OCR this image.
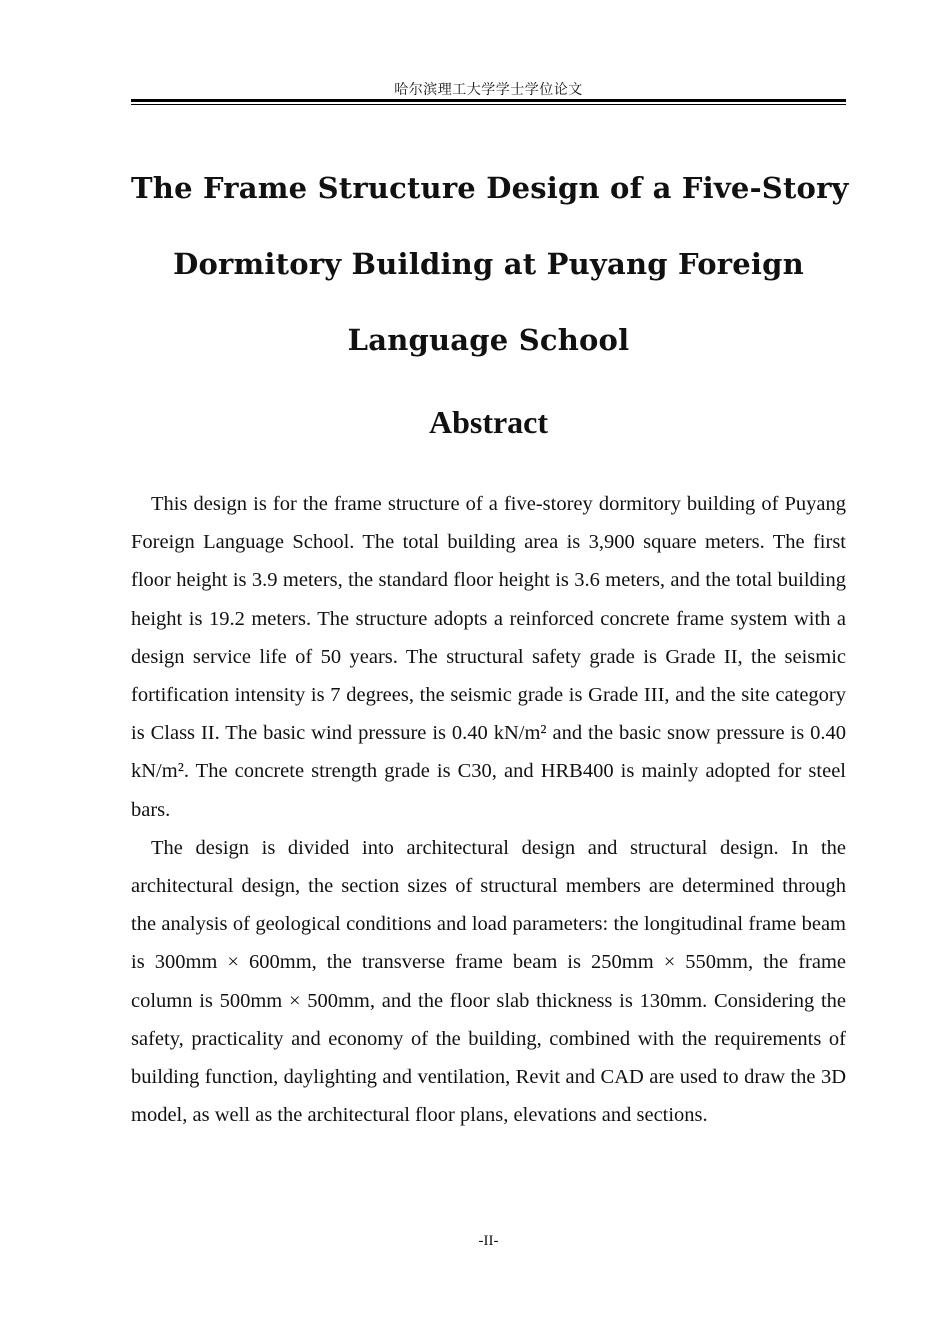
哈尔滨理工大学学士学位论文
The Frame Structure Design of a Five-Story
Dormitory Building at Puyang Foreign
Language School
Abstract

This design is for the frame structure of a five-storey dormitory building of Puyang Foreign Language School. The total building area is 3,900 square meters. The first floor height is 3.9 meters, the standard floor height is 3.6 meters, and the total building height is 19.2 meters. The structure adopts a reinforced concrete frame system with a design service life of 50 years. The structural safety grade is Grade II, the seismic fortification intensity is 7 degrees, the seismic grade is Grade III, and the site category is Class II. The basic wind pressure is 0.40 kN/m² and the basic snow pressure is 0.40 kN/m². The concrete strength grade is C30, and HRB400 is mainly adopted for steel bars.

The design is divided into architectural design and structural design. In the architectural design, the section sizes of structural members are determined through the analysis of geological conditions and load parameters: the longitudinal frame beam is 300mm × 600mm, the transverse frame beam is 250mm × 550mm, the frame column is 500mm × 500mm, and the floor slab thickness is 130mm. Considering the safety, practicality and economy of the building, combined with the requirements of building function, daylighting and ventilation, Revit and CAD are used to draw the 3D model, as well as the architectural floor plans, elevations and sections.

-II-
